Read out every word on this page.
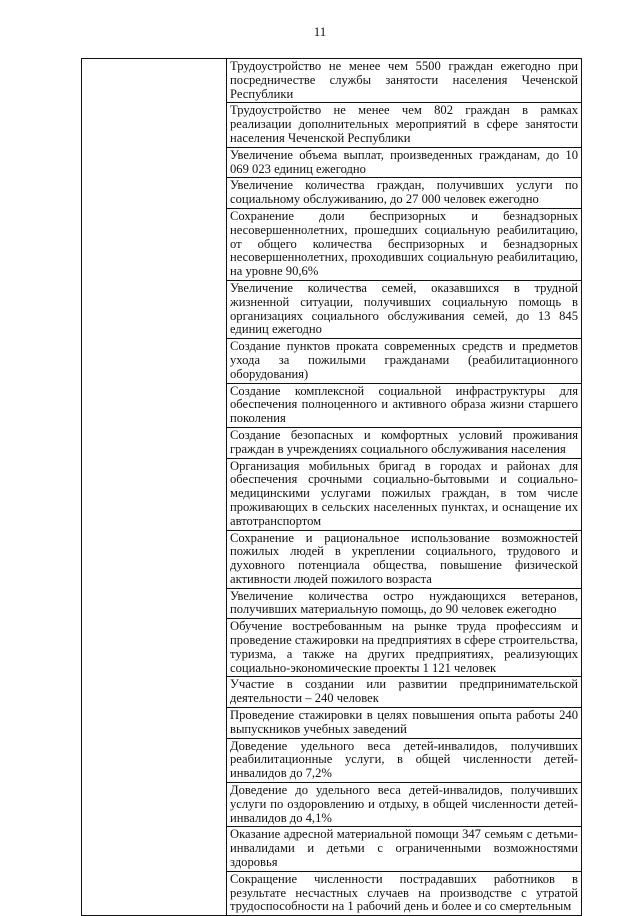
11

Трудоустройство не менее чем 5500 граждан ежегодно при посредничестве службы занятости населения Чеченской Республики

Трудоустройство не менее чем 802 граждан в рамках реализации дополнительных мероприятий в сфере занятости населения Чеченской Республики

Увеличение объема выплат, произведенных гражданам, до 10 069 023 единиц ежегодно

Увеличение количества граждан, получивших услуги по социальному обслуживанию, до 27 000 человек ежегодно

Сохранение доли беспризорных и безнадзорных несовершеннолетних, прошедших социальную реабилитацию, от общего количества беспризорных и безнадзорных несовершеннолетних, проходивших социальную реабилитацию, на уровне 90,6%

Увеличение количества семей, оказавшихся в трудной жизненной ситуации, получивших социальную помощь в организациях социального обслуживания семей, до 13 845 единиц ежегодно

Создание пунктов проката современных средств и предметов ухода за пожилыми гражданами (реабилитационного оборудования)

Создание комплексной социальной инфраструктуры для обеспечения полноценного и активного образа жизни старшего поколения

Создание безопасных и комфортных условий проживания граждан в учреждениях социального обслуживания населения

Организация мобильных бригад в городах и районах для обеспечения срочными социально-бытовыми и социально-медицинскими услугами пожилых граждан, в том числе проживающих в сельских населенных пунктах, и оснащение их автотранспортом

Сохранение и рациональное использование возможностей пожилых людей в укреплении социального, трудового и духовного потенциала общества, повышение физической активности людей пожилого возраста

Увеличение количества остро нуждающихся ветеранов, получивших материальную помощь, до 90 человек ежегодно

Обучение востребованным на рынке труда профессиям и проведение стажировки на предприятиях в сфере строительства, туризма, а также на других предприятиях, реализующих социально-экономические проекты 1 121 человек

Участие в создании или развитии предпринимательской деятельности – 240 человек

Проведение стажировки в целях повышения опыта работы 240 выпускников учебных заведений

Доведение удельного веса детей-инвалидов, получивших реабилитационные услуги, в общей численности детей-инвалидов до 7,2%

Доведение до удельного веса детей-инвалидов, получивших услуги по оздоровлению и отдыху, в общей численности детей-инвалидов до 4,1%

Оказание адресной материальной помощи 347 семьям с детьми-инвалидами и детьми с ограниченными возможностями здоровья

Сокращение численности пострадавших работников в результате несчастных случаев на производстве с утратой трудоспособности на 1 рабочий день и более и со смертельным
